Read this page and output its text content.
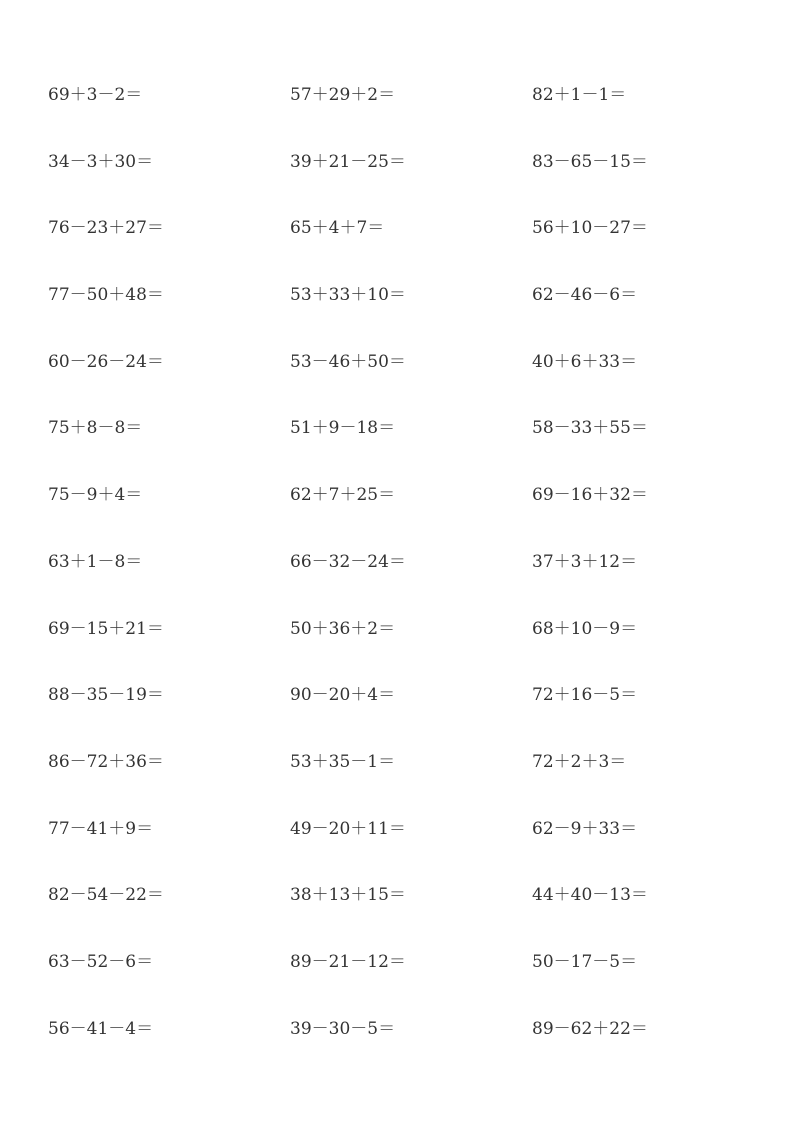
69＋3－2＝	57＋29＋2＝	82＋1－1＝
34－3＋30＝	39＋21－25＝	83－65－15＝
76－23＋27＝	65＋4＋7＝	56＋10－27＝
77－50＋48＝	53＋33＋10＝	62－46－6＝
60－26－24＝	53－46＋50＝	40＋6＋33＝
75＋8－8＝	51＋9－18＝	58－33＋55＝
75－9＋4＝	62＋7＋25＝	69－16＋32＝
63＋1－8＝	66－32－24＝	37＋3＋12＝
69－15＋21＝	50＋36＋2＝	68＋10－9＝
88－35－19＝	90－20＋4＝	72＋16－5＝
86－72＋36＝	53＋35－1＝	72＋2＋3＝
77－41＋9＝	49－20＋11＝	62－9＋33＝
82－54－22＝	38＋13＋15＝	44＋40－13＝
63－52－6＝	89－21－12＝	50－17－5＝
56－41－4＝	39－30－5＝	89－62＋22＝
